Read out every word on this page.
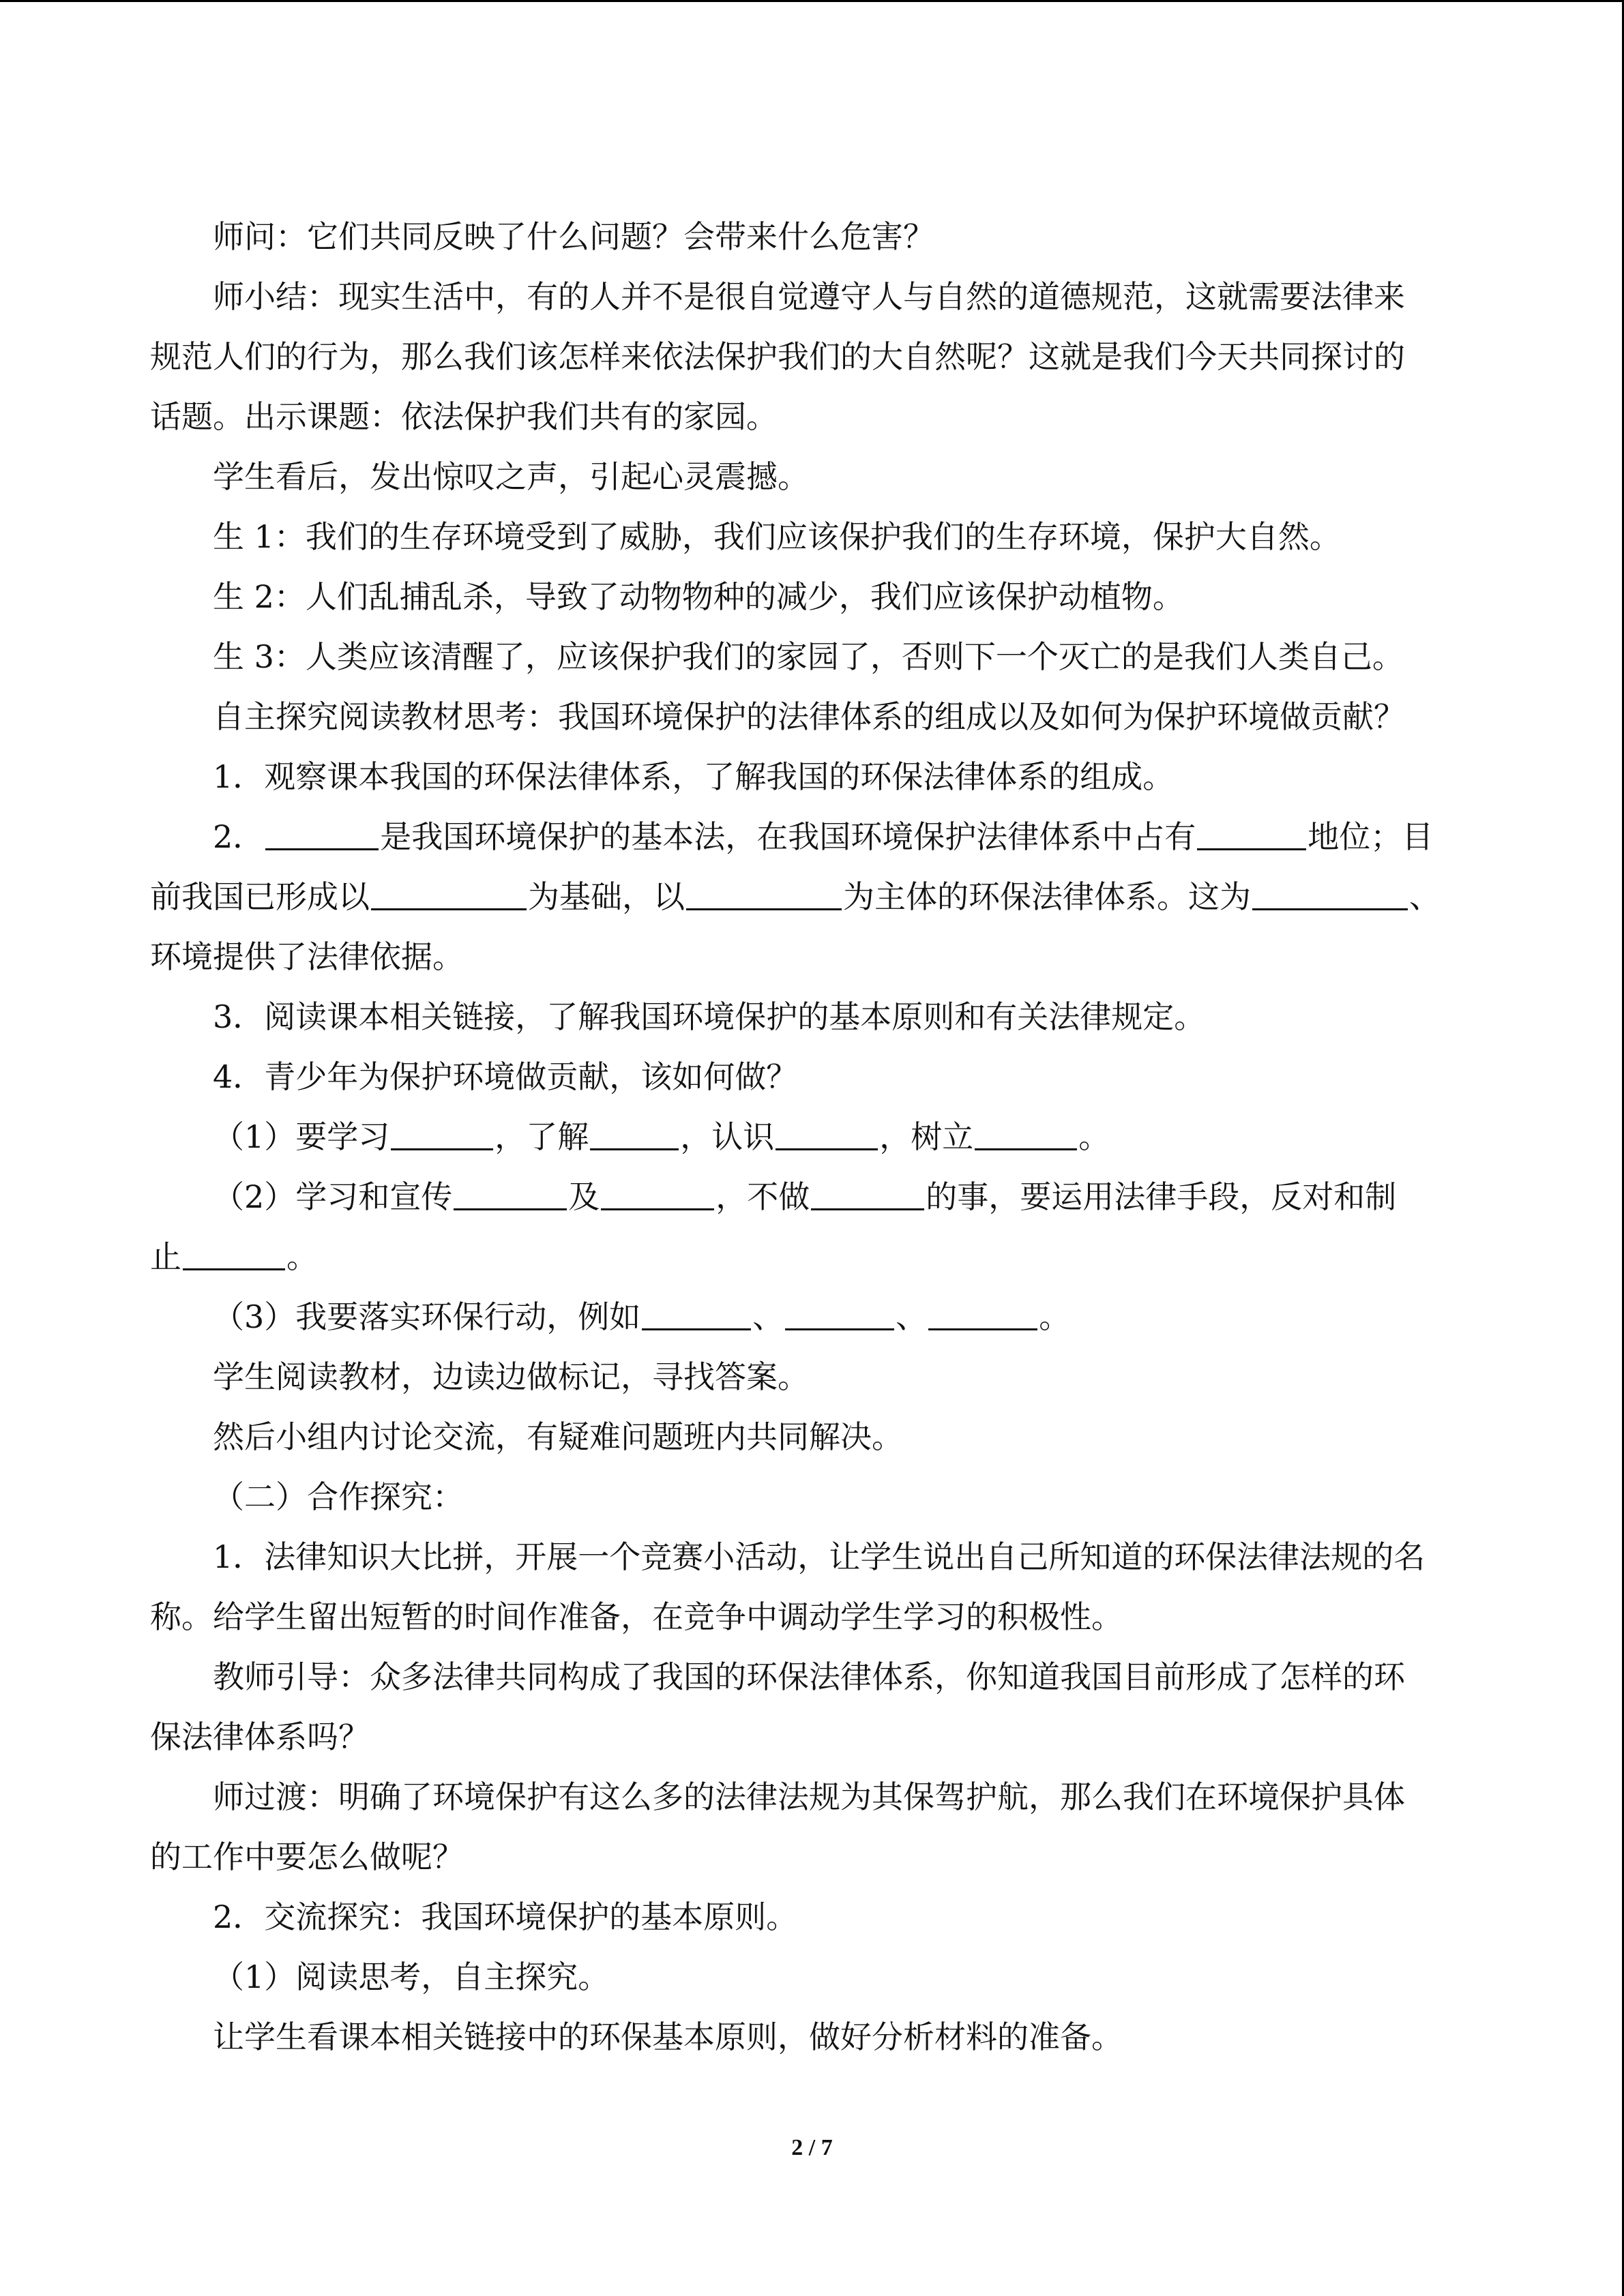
师问：它们共同反映了什么问题？会带来什么危害？
师小结：现实生活中，有的人并不是很自觉遵守人与自然的道德规范，这就需要法律来
规范人们的行为，那么我们该怎样来依法保护我们的大自然呢？这就是我们今天共同探讨的
话题。出示课题：依法保护我们共有的家园。
学生看后，发出惊叹之声，引起心灵震撼。
生 1：我们的生存环境受到了威胁，我们应该保护我们的生存环境，保护大自然。
生 2：人们乱捕乱杀，导致了动物物种的减少，我们应该保护动植物。
生 3：人类应该清醒了，应该保护我们的家园了，否则下一个灭亡的是我们人类自己。
自主探究阅读教材思考：我国环境保护的法律体系的组成以及如何为保护环境做贡献？
1．观察课本我国的环保法律体系，了解我国的环保法律体系的组成。
2．	是我国环境保护的基本法，在我国环境保护法律体系中占有	地位；目
前我国已形成以	为基础，以	为主体的环保法律体系。这为	、
环境提供了法律依据。
3．阅读课本相关链接，了解我国环境保护的基本原则和有关法律规定。
4．青少年为保护环境做贡献，该如何做？
（1）要学习	，了解	，认识	，树立	。
（2）学习和宣传	及	，不做	的事，要运用法律手段，反对和制
止	。
（3）我要落实环保行动，例如	、	、	。
学生阅读教材，边读边做标记，寻找答案。
然后小组内讨论交流，有疑难问题班内共同解决。
（二）合作探究：
1．法律知识大比拼，开展一个竞赛小活动，让学生说出自己所知道的环保法律法规的名
称。给学生留出短暂的时间作准备，在竞争中调动学生学习的积极性。
教师引导：众多法律共同构成了我国的环保法律体系，你知道我国目前形成了怎样的环
保法律体系吗？
师过渡：明确了环境保护有这么多的法律法规为其保驾护航，那么我们在环境保护具体
的工作中要怎么做呢？
2．交流探究：我国环境保护的基本原则。
（1）阅读思考，自主探究。
让学生看课本相关链接中的环保基本原则，做好分析材料的准备。
2 / 7
